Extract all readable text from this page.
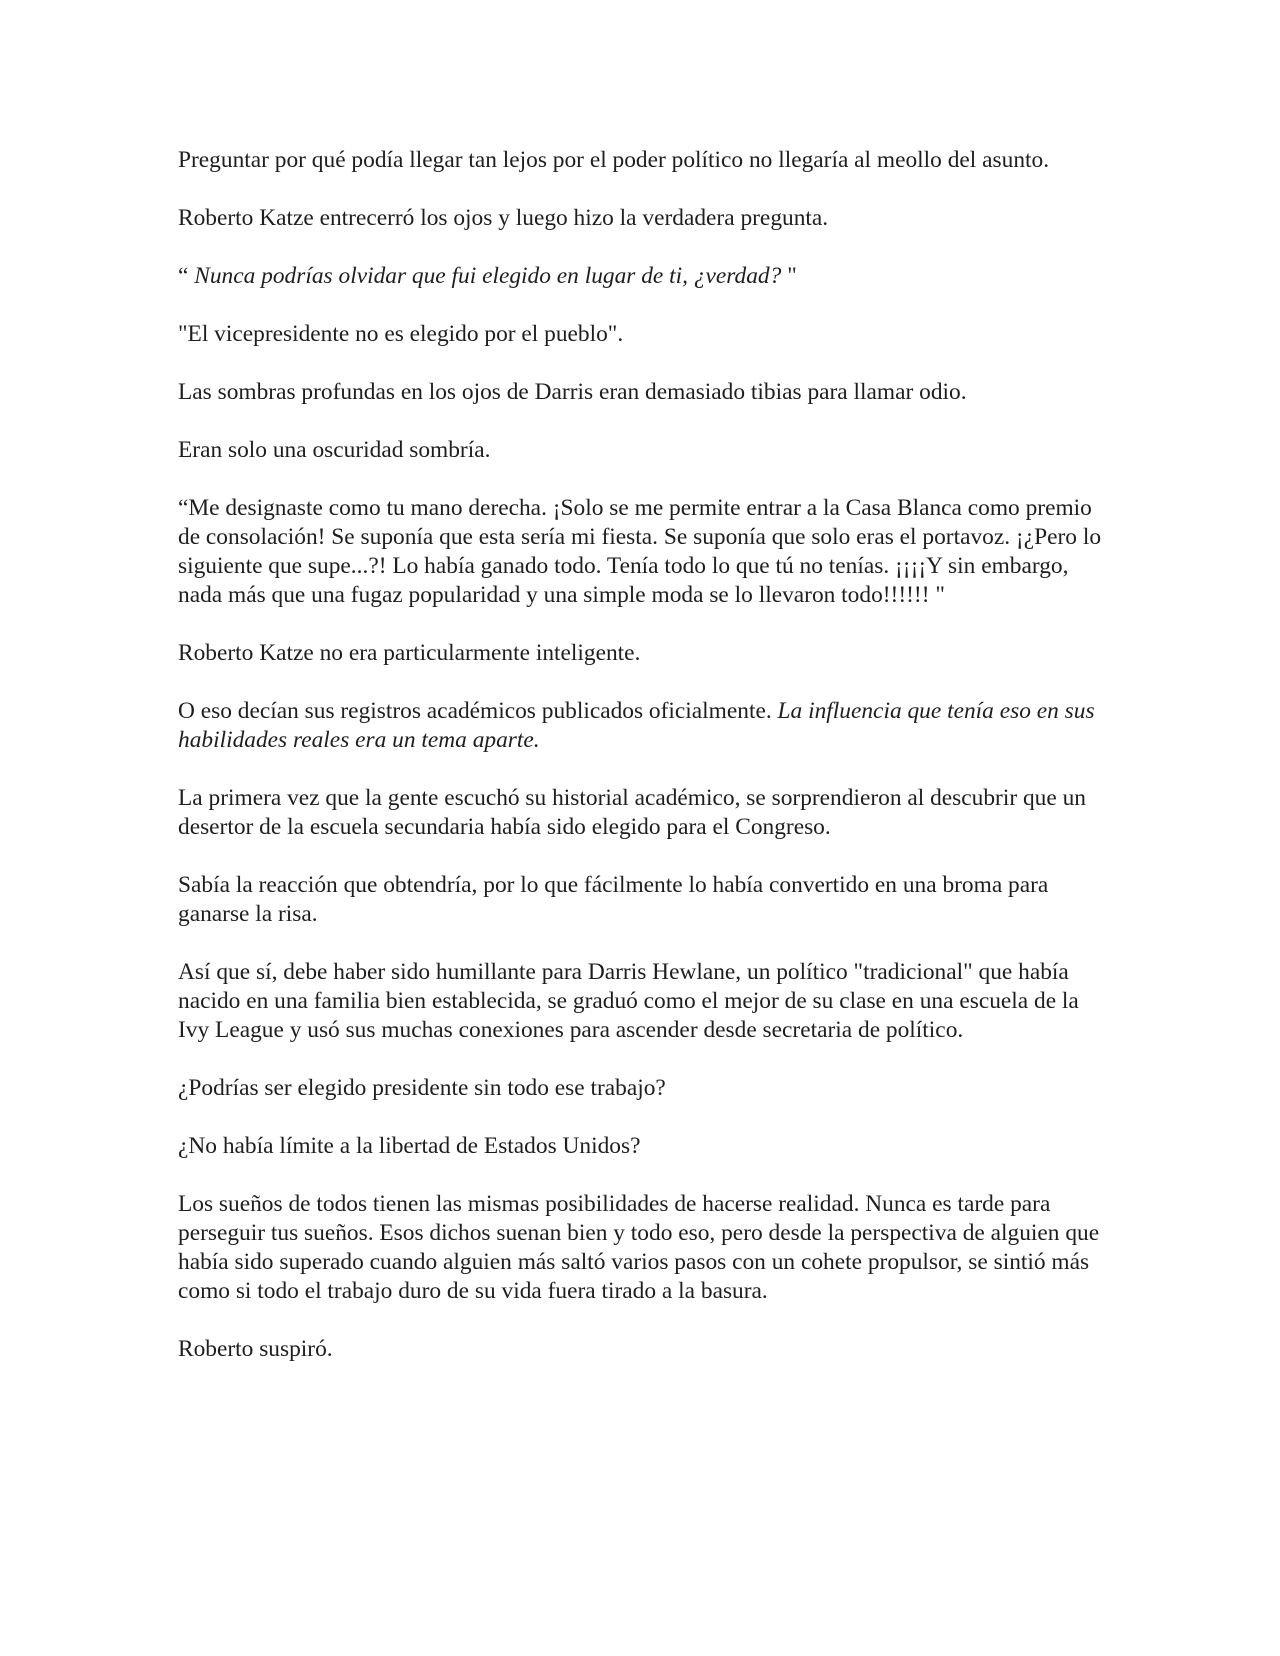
Preguntar por qué podía llegar tan lejos por el poder político no llegaría al meollo del asunto.

Roberto Katze entrecerró los ojos y luego hizo la verdadera pregunta.

“ Nunca podrías olvidar que fui elegido en lugar de ti, ¿verdad? "

"El vicepresidente no es elegido por el pueblo".

Las sombras profundas en los ojos de Darris eran demasiado tibias para llamar odio.

Eran solo una oscuridad sombría.

“Me designaste como tu mano derecha. ¡Solo se me permite entrar a la Casa Blanca como premio de consolación! Se suponía que esta sería mi fiesta. Se suponía que solo eras el portavoz. ¡¿Pero lo siguiente que supe...?! Lo había ganado todo. Tenía todo lo que tú no tenías. ¡¡¡¡Y sin embargo, nada más que una fugaz popularidad y una simple moda se lo llevaron todo!!!!!! "

Roberto Katze no era particularmente inteligente.

O eso decían sus registros académicos publicados oficialmente. La influencia que tenía eso en sus habilidades reales era un tema aparte.

La primera vez que la gente escuchó su historial académico, se sorprendieron al descubrir que un desertor de la escuela secundaria había sido elegido para el Congreso.

Sabía la reacción que obtendría, por lo que fácilmente lo había convertido en una broma para ganarse la risa.

Así que sí, debe haber sido humillante para Darris Hewlane, un político "tradicional" que había nacido en una familia bien establecida, se graduó como el mejor de su clase en una escuela de la Ivy League y usó sus muchas conexiones para ascender desde secretaria de político.

¿Podrías ser elegido presidente sin todo ese trabajo?

¿No había límite a la libertad de Estados Unidos?

Los sueños de todos tienen las mismas posibilidades de hacerse realidad. Nunca es tarde para perseguir tus sueños. Esos dichos suenan bien y todo eso, pero desde la perspectiva de alguien que había sido superado cuando alguien más saltó varios pasos con un cohete propulsor, se sintió más como si todo el trabajo duro de su vida fuera tirado a la basura.

Roberto suspiró.
